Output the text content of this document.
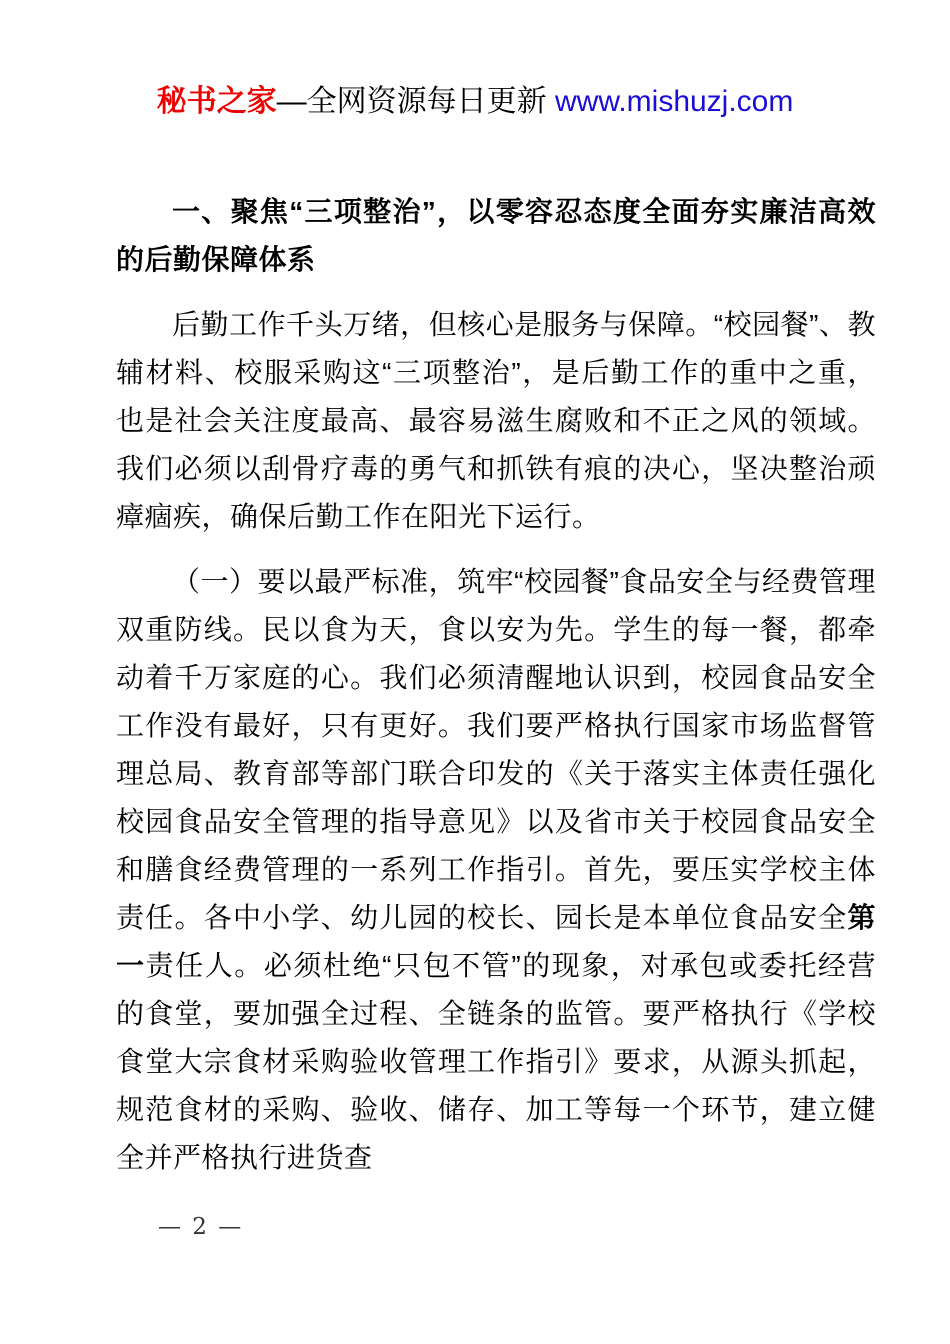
秘书之家—全网资源每日更新 www.mishuzj.com

一、聚焦“三项整治”，以零容忍态度全面夯实廉洁高效的后勤保障体系

后勤工作千头万绪，但核心是服务与保障。“校园餐”、教辅材料、校服采购这“三项整治”，是后勤工作的重中之重，也是社会关注度最高、最容易滋生腐败和不正之风的领域。我们必须以刮骨疗毒的勇气和抓铁有痕的决心，坚决整治顽瘴痼疾，确保后勤工作在阳光下运行。

（一）要以最严标准，筑牢“校园餐”食品安全与经费管理双重防线。民以食为天，食以安为先。学生的每一餐，都牵动着千万家庭的心。我们必须清醒地认识到，校园食品安全工作没有最好，只有更好。我们要严格执行国家市场监督管理总局、教育部等部门联合印发的《关于落实主体责任强化校园食品安全管理的指导意见》以及省市关于校园食品安全和膳食经费管理的一系列工作指引。首先，要压实学校主体责任。各中小学、幼儿园的校长、园长是本单位食品安全第一责任人。必须杜绝“只包不管”的现象，对承包或委托经营的食堂，要加强全过程、全链条的监管。要严格执行《学校食堂大宗食材采购验收管理工作指引》要求，从源头抓起，规范食材的采购、验收、储存、加工等每一个环节，建立健全并严格执行进货查

— 2 —
